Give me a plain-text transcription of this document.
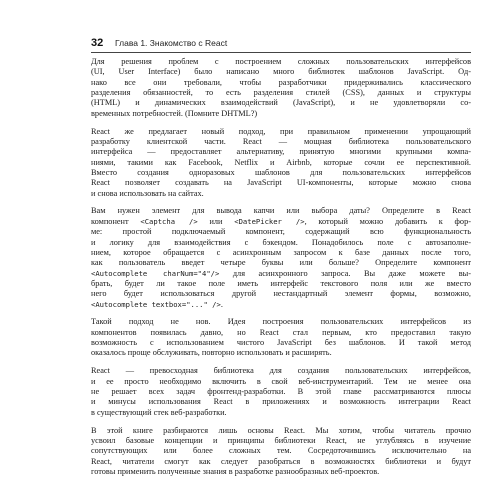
32 Глава 1. Знакомство с React

Для решения проблем с построением сложных пользовательских интерфейсов
(UI, User Interface) было написано много библиотек шаблонов JavaScript. Од-
нако все они требовали, чтобы разработчики придерживались классического
разделения обязанностей, то есть разделения стилей (CSS), данных и структуры
(HTML) и динамических взаимодействий (JavaScript), и не удовлетворяли со-
временных потребностей. (Помните DHTML?)

React же предлагает новый подход, при правильном применении упрощающий
разработку клиентской части. React — мощная библиотека пользовательского
интерфейса — предоставляет альтернативу, принятую многими крупными компа-
ниями, такими как Facebook, Netflix и Airbnb, которые сочли ее перспективной.
Вместо создания одноразовых шаблонов для пользовательских интерфейсов
React позволяет создавать на JavaScript UI-компоненты, которые можно снова
и снова использовать на сайтах.

Вам нужен элемент для вывода капчи или выбора даты? Определите в React
компонент <Captcha /> или <DatePicker />, который можно добавить к фор-
ме: простой подключаемый компонент, содержащий всю функциональность
и логику для взаимодействия с бэкендом. Понадобилось поле с автозаполне-
нием, которое обращается с асинхронным запросом к базе данных после того,
как пользователь введет четыре буквы или больше? Определите компонент
<Autocomplete charNum="4"/> для асинхронного запроса. Вы даже можете вы-
брать, будет ли такое поле иметь интерфейс текстового поля или же вместо
него будет использоваться другой нестандартный элемент формы, возможно,
<Autocomplete textbox="..." />.

Такой подход не нов. Идея построения пользовательских интерфейсов из
компонентов появилась давно, но React стал первым, кто предоставил такую
возможность с использованием чистого JavaScript без шаблонов. И такой метод
оказалось проще обслуживать, повторно использовать и расширять.

React — превосходная библиотека для создания пользовательских интерфейсов,
и ее просто необходимо включить в свой веб-инструментарий. Тем не менее она
не решает всех задач фронтенд-разработки. В этой главе рассматриваются плюсы
и минусы использования React в приложениях и возможность интеграции React
в существующий стек веб-разработки.

В этой книге разбираются лишь основы React. Мы хотим, чтобы читатель прочно
усвоил базовые концепции и принципы библиотеки React, не углубляясь в изучение
сопутствующих или более сложных тем. Сосредоточившись исключительно на
React, читатели смогут как следует разобраться в возможностях библиотеки и будут
готовы применить полученные знания в разработке разнообразных веб-проектов.
